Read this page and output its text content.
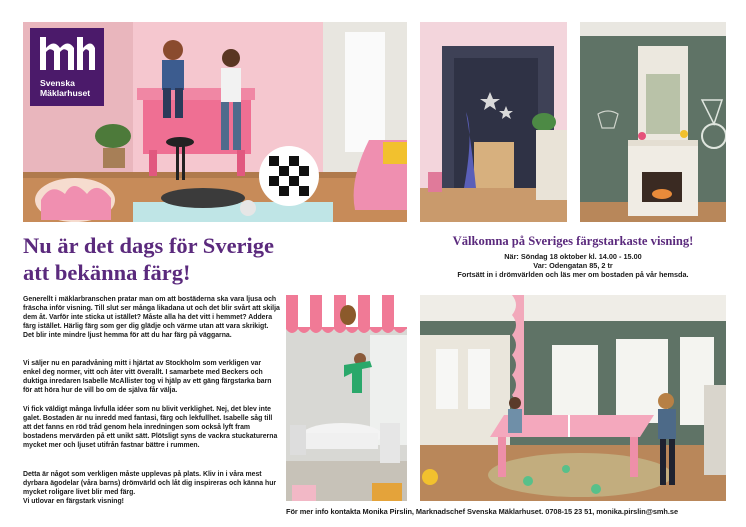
Svenska
Mäklarhuset
Nu är det dags för Sverige
att bekänna färg!
Välkomna på Sveriges färgstarkaste visning!
När: Söndag 18 oktober kl. 14.00 - 15.00
Var: Odengatan 85, 2 tr
Fortsätt in i drömvärlden och läs mer om bostaden på vår hemsda.

Generellt i mäklarbranschen pratar man om att bostäderna ska vara ljusa och fräscha inför visning. Till slut ser många likadana ut och det blir svårt att skilja dem åt. Varför inte sticka ut istället? Måste alla ha det vitt i hemmet? Addera färg istället. Härlig färg som ger dig glädje och värme utan att vara skrikigt. Det blir inte mindre ljust hemma för att du har färg på väggarna.

Vi säljer nu en paradvåning mitt i hjärtat av Stockholm som verkligen var enkel deg normer, vitt och åter vitt överallt. I samarbete med Beckers och duktiga inredaren Isabelle McAllister tog vi hjälp av ett gäng färgstarka barn för att höra hur de vill bo om de själva får välja.

Vi fick väldigt många livfulla idéer som nu blivit verklighet. Nej, det blev inte galet. Bostaden är nu inredd med fantasi, färg och lekfullhet. Isabelle såg till att det fanns en röd tråd genom hela inredningen som också lyft fram bostadens mervärden på ett unikt sätt. Plötsligt syns de vackra stuckaturerna mycket mer och ljuset utifrån fastnar bättre i rummen.

Detta är något som verkligen måste upplevas på plats. Kliv in i våra mest dyrbara ägodelar (våra barns) drömvärld och låt dig inspireras och känna hur mycket roligare livet blir med färg.
Vi utlovar en färgstark visning!

För mer info kontakta Monika Pirslin, Marknadschef Svenska Mäklarhuset. 0708-15 23 51, monika.pirslin@smh.se
